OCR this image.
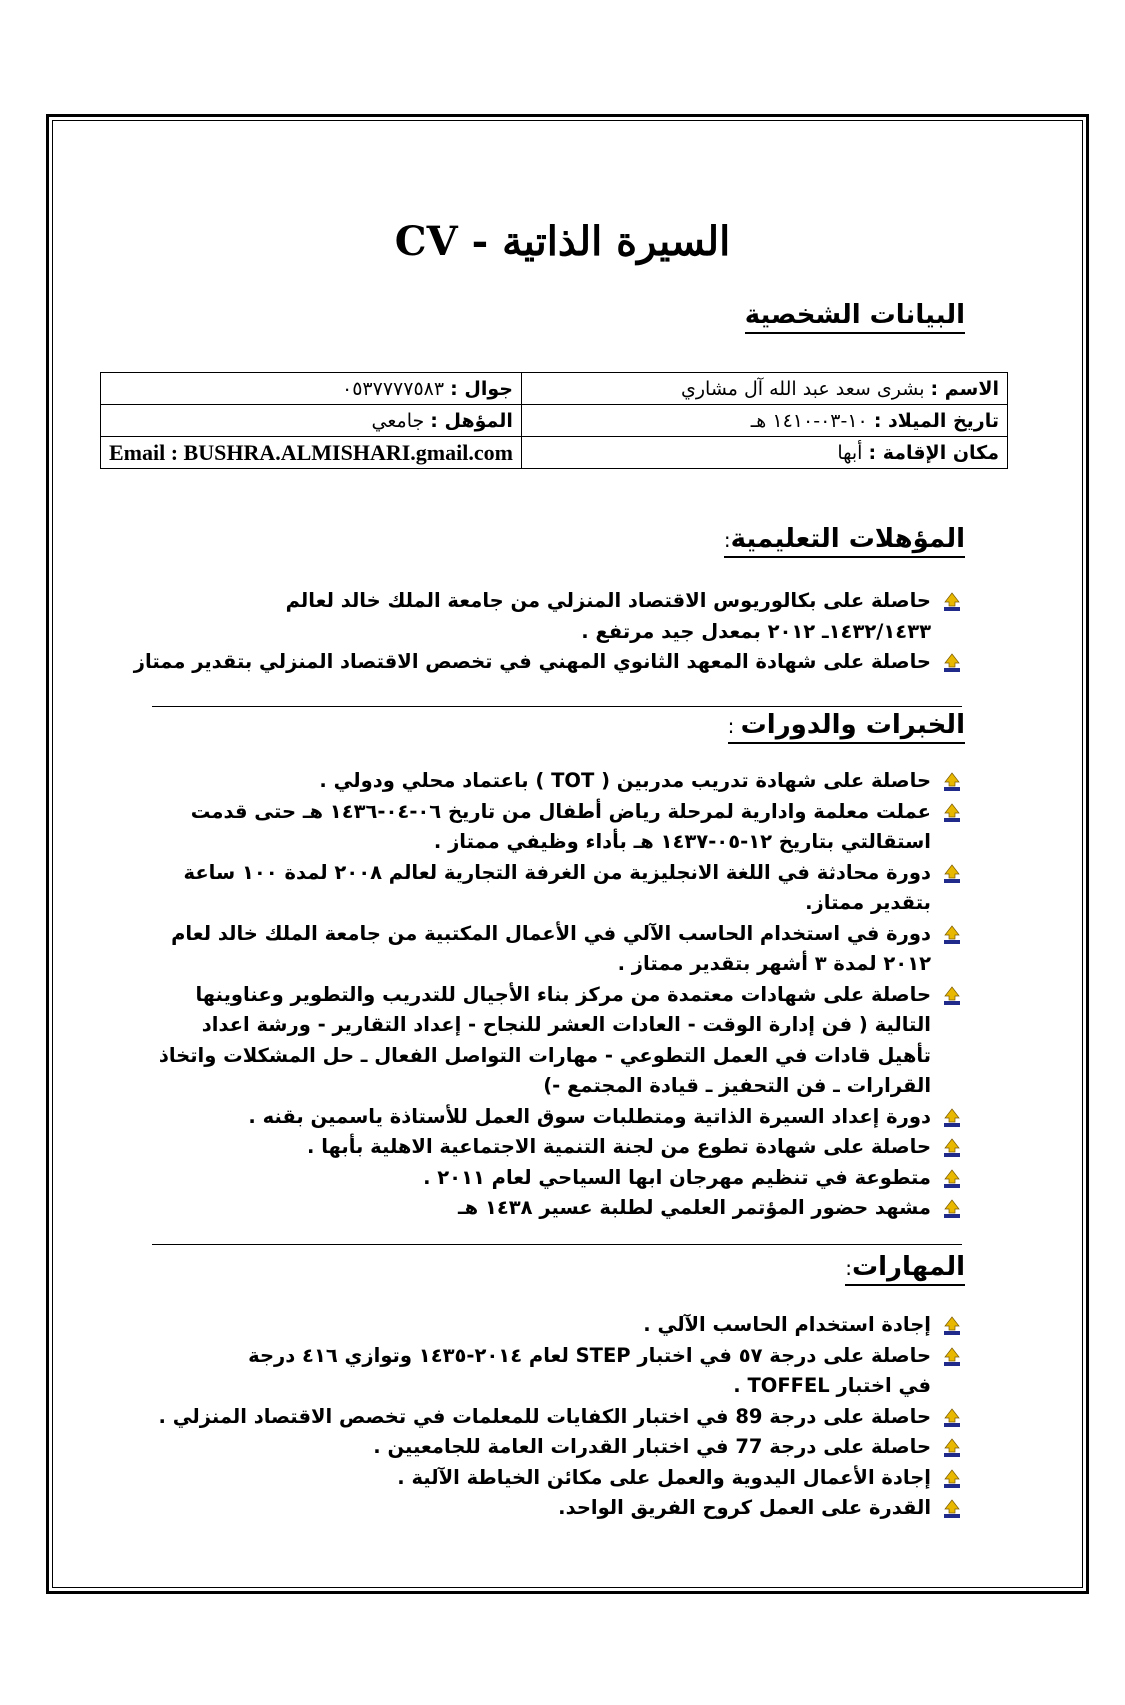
السيرة الذاتية - CV
البيانات الشخصية
الاسم : بشرى سعد عبد الله آل مشاري	جوال : ٠٥٣٧٧٧٧٥٨٣
تاريخ الميلاد : ١٠-٠٣-١٤١٠ هـ	المؤهل : جامعي
مكان الإقامة : أبها	Email : BUSHRA.ALMISHARI.gmail.com
المؤهلات التعليمية:
حاصلة على بكالوريوس الاقتصاد المنزلي من جامعة الملك خالد لعالم
١٤٣٢/١٤٣٣ـ ٢٠١٢ بمعدل جيد مرتفع .
حاصلة على شهادة المعهد الثانوي المهني في تخصص الاقتصاد المنزلي بتقدير ممتاز
الخبرات والدورات :
حاصلة على شهادة تدريب مدربين ( TOT ) باعتماد محلي ودولي .
عملت معلمة وادارية لمرحلة رياض أطفال من تاريخ ٠٦-٠٤-١٤٣٦ هـ حتى قدمت
استقالتي بتاريخ ١٢-٠٥-١٤٣٧ هـ بأداء وظيفي ممتاز .
دورة محادثة في اللغة الانجليزية من الغرفة التجارية لعالم ٢٠٠٨ لمدة ١٠٠ ساعة
بتقدير ممتاز.
دورة في استخدام الحاسب الآلي في الأعمال المكتبية من جامعة الملك خالد لعام
٢٠١٢ لمدة ٣ أشهر بتقدير ممتاز .
حاصلة على شهادات معتمدة من مركز بناء الأجيال للتدريب والتطوير وعناوينها
التالية ( فن إدارة الوقت - العادات العشر للنجاح - إعداد التقارير - ورشة اعداد
تأهيل قادات في العمل التطوعي - مهارات التواصل الفعال ـ حل المشكلات واتخاذ
القرارات ـ فن التحفيز ـ قيادة المجتمع -)
دورة إعداد السيرة الذاتية ومتطلبات سوق العمل للأستاذة ياسمين بقنه .
حاصلة على شهادة تطوع من لجنة التنمية الاجتماعية الاهلية بأبها .
متطوعة في تنظيم مهرجان ابها السياحي لعام ٢٠١١ .
مشهد حضور المؤتمر العلمي لطلبة عسير ١٤٣٨ هـ
المهارات:
إجادة استخدام الحاسب الآلي .
حاصلة على درجة ٥٧ في اختبار STEP لعام ٢٠١٤-١٤٣٥ وتوازي ٤١٦ درجة
في اختبار TOFFEL .
حاصلة على درجة 89 في اختبار الكفايات للمعلمات في تخصص الاقتصاد المنزلي .
حاصلة على درجة 77 في اختبار القدرات العامة للجامعيين .
إجادة الأعمال اليدوية والعمل على مكائن الخياطة الآلية .
القدرة على العمل كروح الفريق الواحد.
